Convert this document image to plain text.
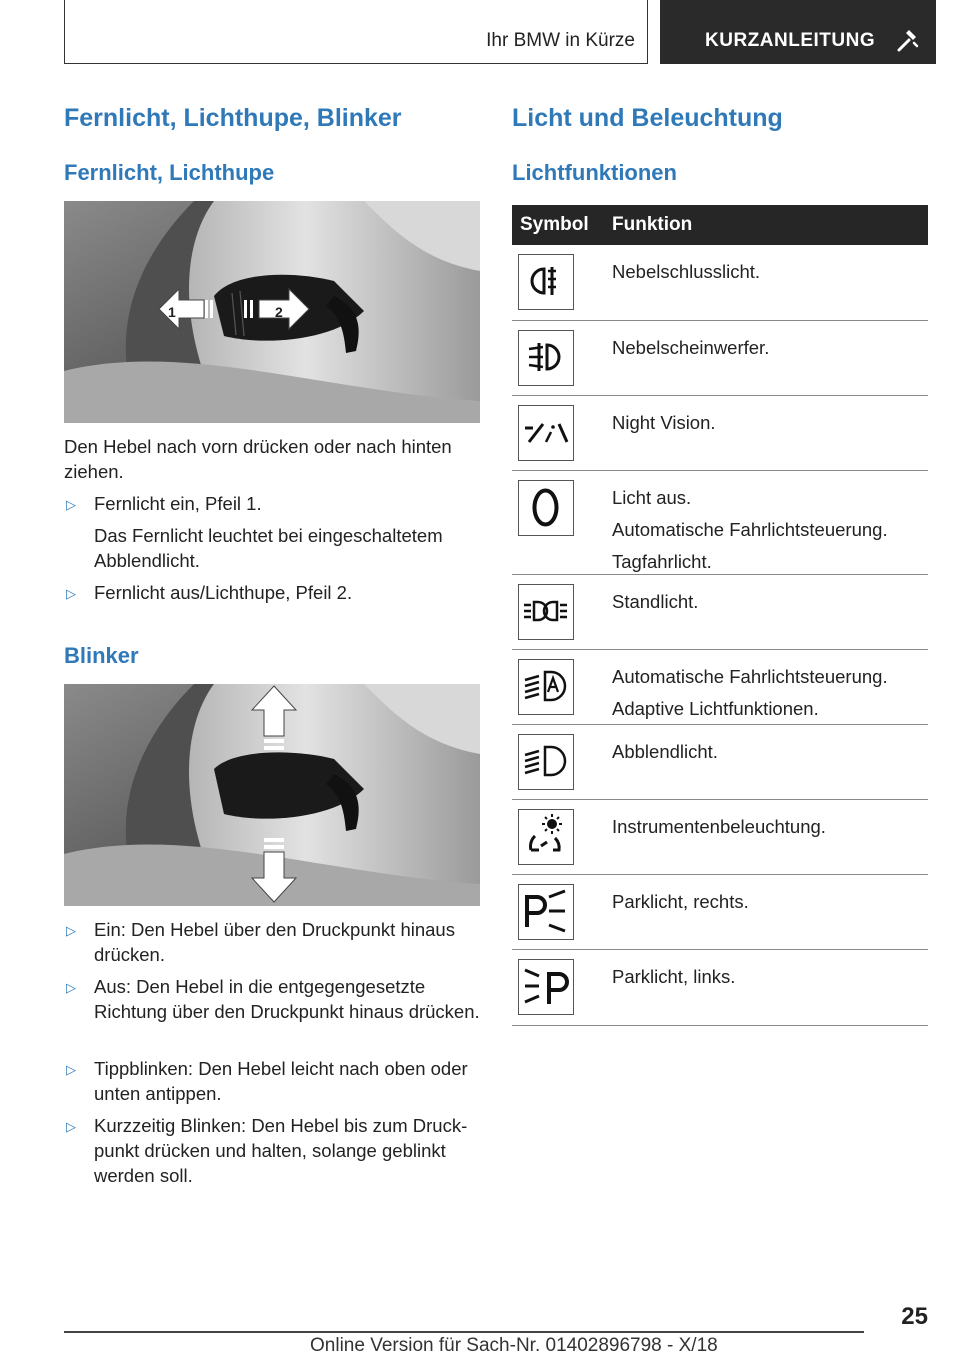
Ihr BMW in Kürze	KURZANLEITUNG
Fernlicht, Lichthupe, Blinker
Fernlicht, Lichthupe
1	2
Den Hebel nach vorn drücken oder nach hinten ziehen.
▷ Fernlicht ein, Pfeil 1.
Das Fernlicht leuchtet bei eingeschaltetem Abblendlicht.
▷ Fernlicht aus/Lichthupe, Pfeil 2.
Blinker
▷ Ein: Den Hebel über den Druckpunkt hinaus drücken.
▷ Aus: Den Hebel in die entgegengesetzte Richtung über den Druckpunkt hinaus drücken.
▷ Tippblinken: Den Hebel leicht nach oben oder unten antippen.
▷ Kurzzeitig Blinken: Den Hebel bis zum Druckpunkt drücken und halten, solange geblinkt werden soll.
Licht und Beleuchtung
Lichtfunktionen
Symbol Funktion
Nebelschlusslicht.
Nebelscheinwerfer.
Night Vision.
Licht aus.
Automatische Fahrlichtsteuerung.
Tagfahrlicht.
Standlicht.
Automatische Fahrlichtsteuerung.
Adaptive Lichtfunktionen.
Abblendlicht.
Instrumentenbeleuchtung.
Parklicht, rechts.
Parklicht, links.
25
Online Version für Sach-Nr. 01402896798 - X/18
